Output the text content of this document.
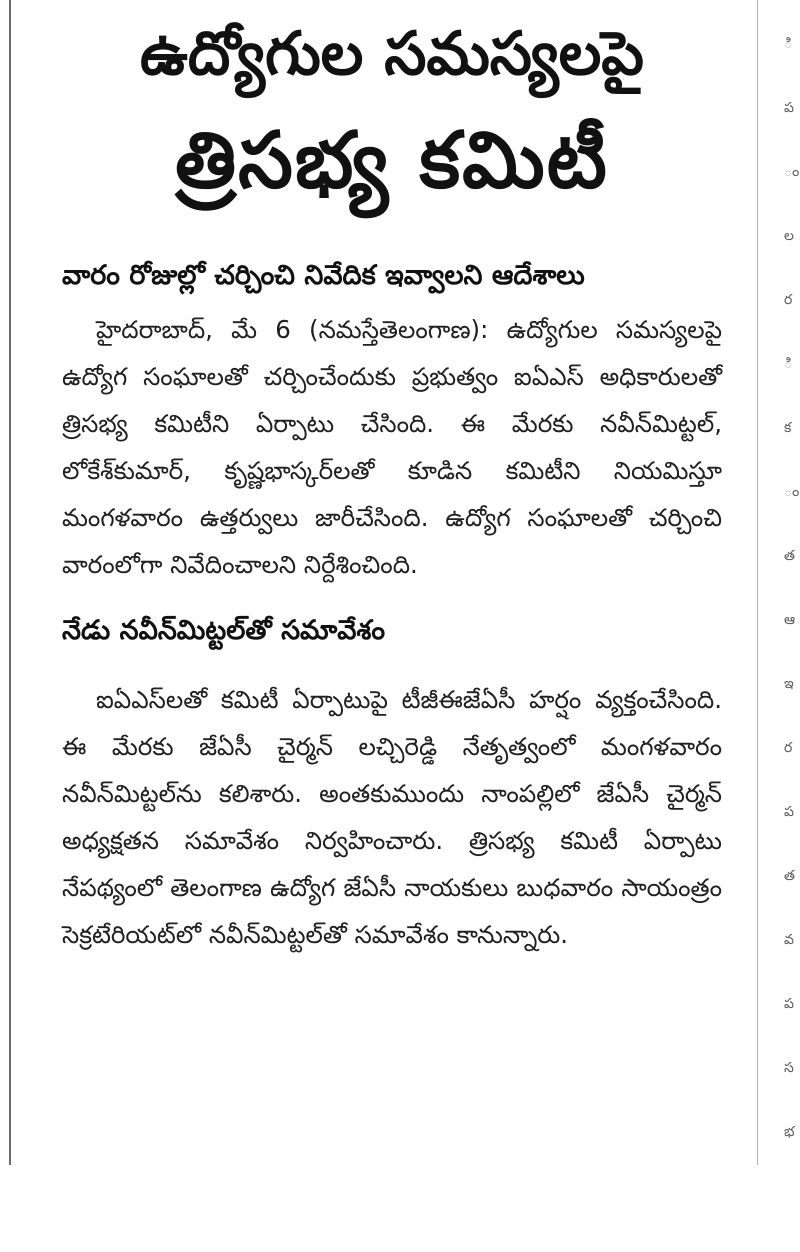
ి
ప
ం
ల
ర
ి
క
ం
త
ఆ
ఇ
ర
ప
త
వ
ప
స
భ
ఉద్యోగుల సమస్యలపై
త్రిసభ్య కమిటీ
వారం రోజుల్లో చర్చించి నివేదిక ఇవ్వాలని ఆదేశాలు

హైదరాబాద్, మే 6 (నమస్తేతెలంగాణ): ఉద్యోగుల సమస్యలపై ఉద్యోగ సంఘాలతో చర్చించేందుకు ప్రభుత్వం ఐఏఎస్ అధికారులతో త్రిసభ్య కమిటీని ఏర్పాటు చేసింది. ఈ మేరకు నవీన్‌మిట్టల్, లోకేశ్‌కుమార్, కృష్ణభాస్కర్‌లతో కూడిన కమిటీని నియమిస్తూ మంగళవారం ఉత్తర్వులు జారీచేసింది. ఉద్యోగ సంఘాలతో చర్చించి వారంలోగా నివేదించాలని నిర్దేశించింది.

నేడు నవీన్‌మిట్టల్‌తో సమావేశం

ఐఏఎస్‌లతో కమిటీ ఏర్పాటుపై టీజీఈజేఏసీ హర్షం వ్యక్తంచేసింది. ఈ మేరకు జేఏసీ చైర్మన్ లచ్చిరెడ్డి నేతృత్వంలో మంగళవారం నవీన్‌మిట్టల్‌ను కలిశారు. అంతకుముందు నాంపల్లిలో జేఏసీ చైర్మన్ అధ్యక్షతన సమావేశం నిర్వహించారు. త్రిసభ్య కమిటీ ఏర్పాటు నేపథ్యంలో తెలంగాణ ఉద్యోగ జేఏసీ నాయకులు బుధవారం సాయంత్రం సెక్రటేరియట్‌లో నవీన్‌మిట్టల్‌తో సమావేశం కానున్నారు.
